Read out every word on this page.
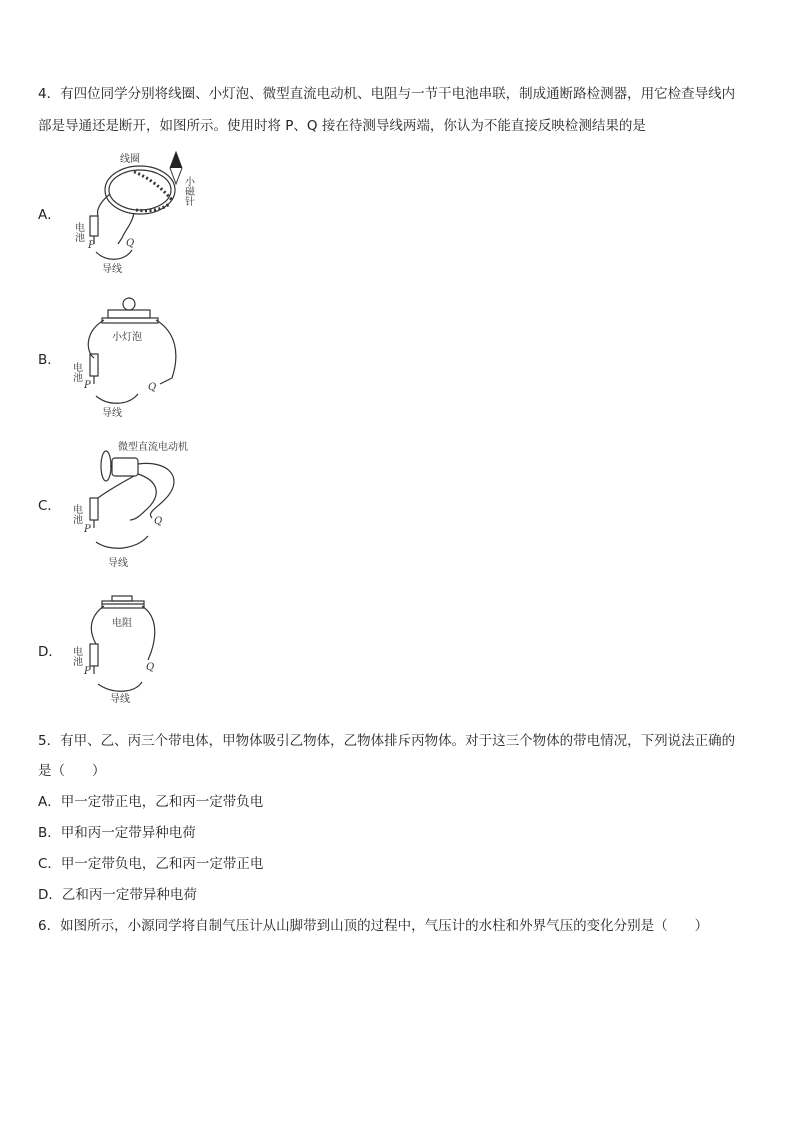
4．有四位同学分别将线圈、小灯泡、微型直流电动机、电阻与一节干电池串联，制成通断路检测器，用它检查导线内
部是导通还是断开，如图所示。使用时将 P、Q 接在待测导线两端，你认为不能直接反映检测结果的是
A．
线圈
小磁针
电池
P	Q
导线
B．
小灯泡
电池
P	Q
导线
C．
微型直流电动机
电池
P
Q
导线
D．
电阻
电池
P	Q
导线
5．有甲、乙、丙三个带电体，甲物体吸引乙物体，乙物体排斥丙物体。对于这三个物体的带电情况，下列说法正确的
是（　　）
A．甲一定带正电，乙和丙一定带负电
B．甲和丙一定带异种电荷
C．甲一定带负电，乙和丙一定带正电
D．乙和丙一定带异种电荷
6．如图所示，小源同学将自制气压计从山脚带到山顶的过程中，气压计的水柱和外界气压的变化分别是（　　）
